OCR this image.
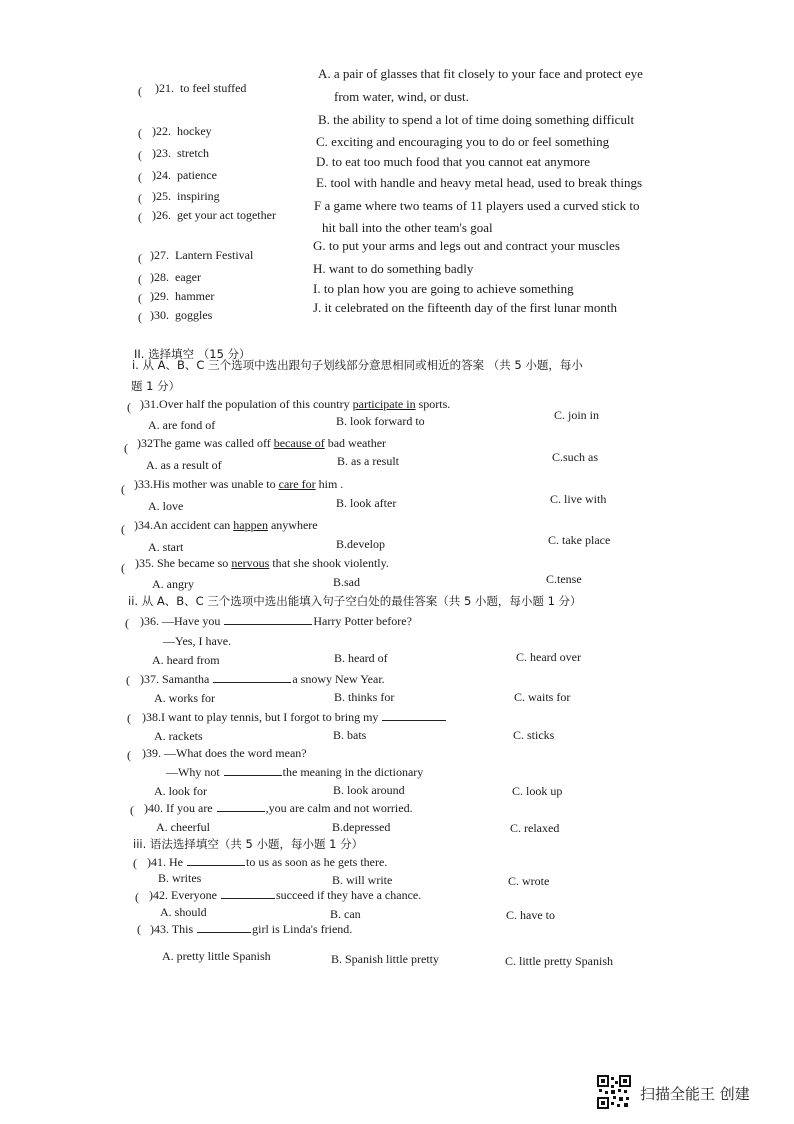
( )21. to feel stuffed
( )22. hockey
( )23. stretch
( )24. patience
( )25. inspiring
( )26. get your act together
( )27. Lantern Festival
( )28. eager
( )29. hammer
( )30. goggles
A. a pair of glasses that fit closely to your face and protect eye
from water, wind, or dust.
B. the ability to spend a lot of time doing something difficult
C. exciting and encouraging you to do or feel something
D. to eat too much food that you cannot eat anymore
E. tool with handle and heavy metal head, used to break things
F a game where two teams of 11 players used a curved stick to
hit ball into the other team's goal
G. to put your arms and legs out and contract your muscles
H. want to do something badly
I. to plan how you are going to achieve something
J. it celebrated on the fifteenth day of the first lunar month
II. 选择填空 （15 分）
i. 从 A、B、C 三个选项中选出跟句子划线部分意思相同或相近的答案 （共 5 小题，每小
题 1 分）
( )31.Over half the population of this country participate in sports.
A. are fond of	B. look forward to	C. join in
( )32The game was called off because of bad weather
A. as a result of	B. as a result	C.such as
( )33.His mother was unable to care for him .
A. love	B. look after	C. live with
( )34.An accident can happen anywhere
A. start	B.develop	C. take place
( )35. She became so nervous that she shook violently.
A. angry	B.sad	C.tense
ii. 从 A、B、C 三个选项中选出能填入句子空白处的最佳答案（共 5 小题，每小题 1 分）
( )36. —Have you	Harry Potter before?
—Yes, I have.
A. heard from	B. heard of	C. heard over
( )37. Samantha	a snowy New Year.
A. works for	B. thinks for	C. waits for
( )38.I want to play tennis, but I forgot to bring my
A. rackets	B. bats	C. sticks
( )39. —What does the word mean?
—Why not	the meaning in the dictionary
A. look for	B. look around	C. look up
( )40. If you are	,you are calm and not worried.
A. cheerful	B.depressed	C. relaxed
iii. 语法选择填空（共 5 小题，每小题 1 分）
( )41. He	to us as soon as he gets there.
B. writes	B. will write	C. wrote
( )42. Everyone	succeed if they have a chance.
A. should	B. can	C. have to
( )43. This	girl is Linda's friend.
A. pretty little Spanish	B. Spanish little pretty	C. little pretty Spanish
扫描全能王 创建
